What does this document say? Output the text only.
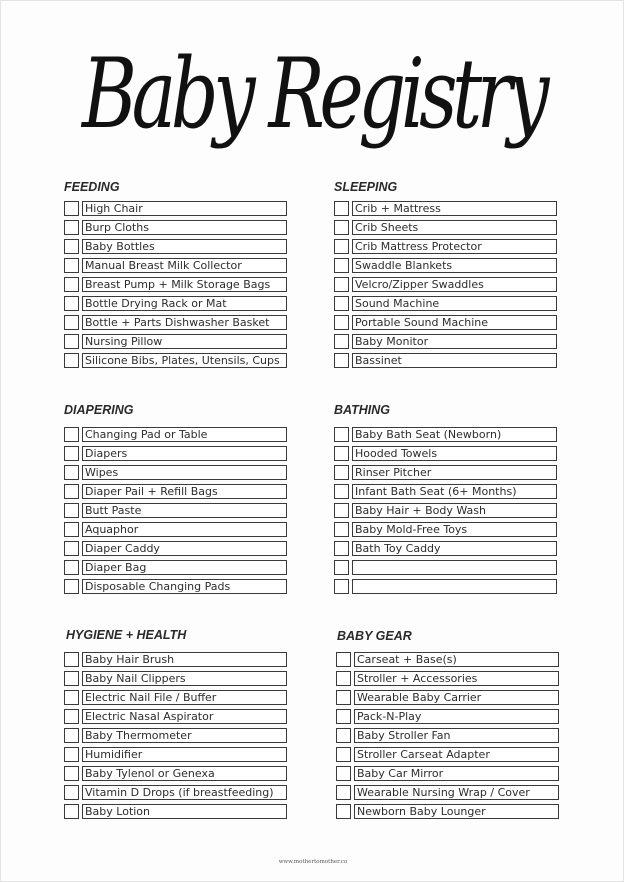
Baby Registry
FEEDING
High Chair
Burp Cloths
Baby Bottles
Manual Breast Milk Collector
Breast Pump + Milk Storage Bags
Bottle Drying Rack or Mat
Bottle + Parts Dishwasher Basket
Nursing Pillow
Silicone Bibs, Plates, Utensils, Cups
SLEEPING
Crib + Mattress
Crib Sheets
Crib Mattress Protector
Swaddle Blankets
Velcro/Zipper Swaddles
Sound Machine
Portable Sound Machine
Baby Monitor
Bassinet
DIAPERING
Changing Pad or Table
Diapers
Wipes
Diaper Pail + Refill Bags
Butt Paste
Aquaphor
Diaper Caddy
Diaper Bag
Disposable Changing Pads
BATHING
Baby Bath Seat (Newborn)
Hooded Towels
Rinser Pitcher
Infant Bath Seat (6+ Months)
Baby Hair + Body Wash
Baby Mold-Free Toys
Bath Toy Caddy
HYGIENE + HEALTH
Baby Hair Brush
Baby Nail Clippers
Electric Nail File / Buffer
Electric Nasal Aspirator
Baby Thermometer
Humidifier
Baby Tylenol or Genexa
Vitamin D Drops (if breastfeeding)
Baby Lotion
BABY GEAR
Carseat + Base(s)
Stroller + Accessories
Wearable Baby Carrier
Pack-N-Play
Baby Stroller Fan
Stroller Carseat Adapter
Baby Car Mirror
Wearable Nursing Wrap / Cover
Newborn Baby Lounger
www.mothertomother.co
